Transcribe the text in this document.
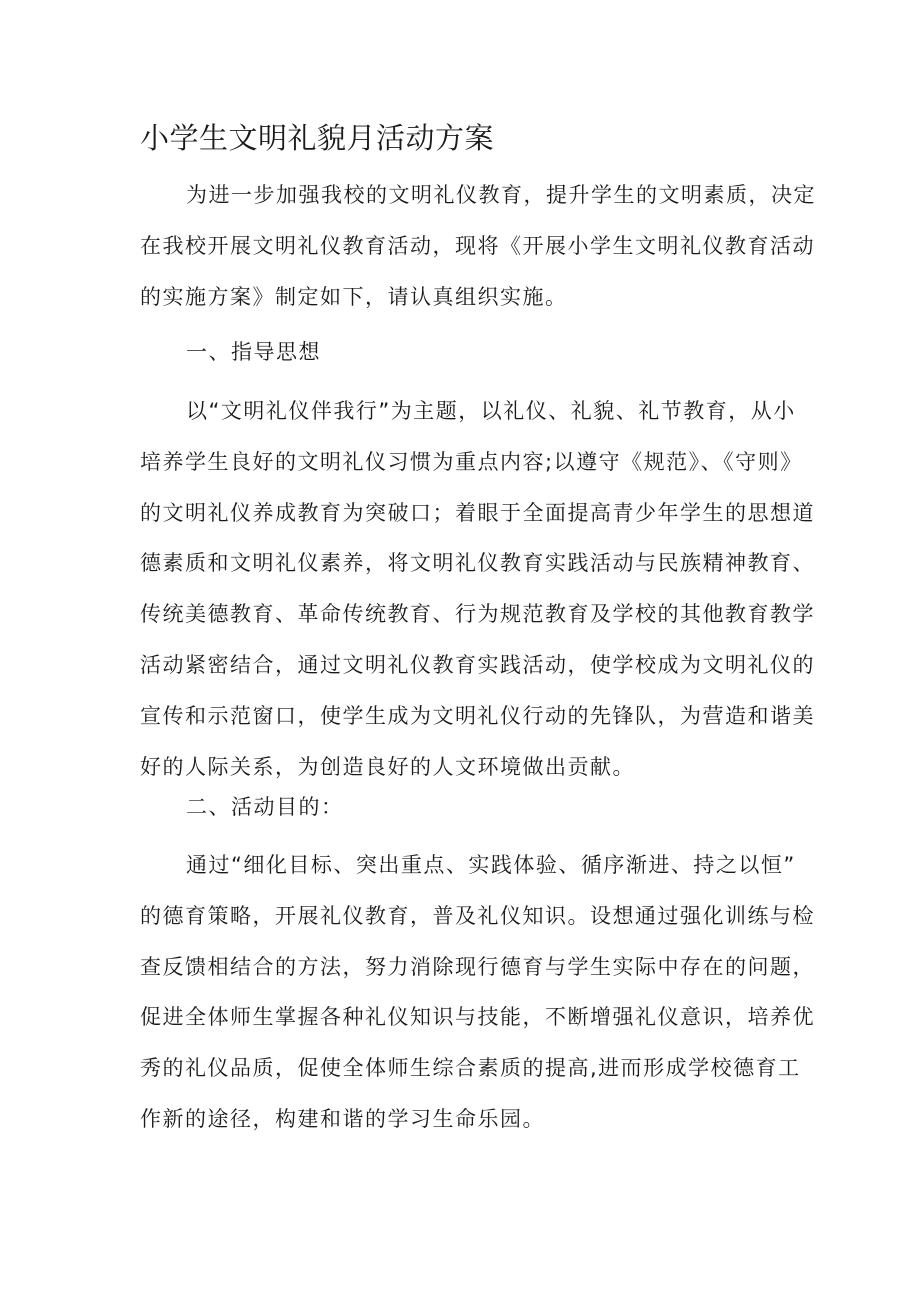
小学生文明礼貌月活动方案
为进一步加强我校的文明礼仪教育，提升学生的文明素质，决定
在我校开展文明礼仪教育活动，现将《开展小学生文明礼仪教育活动
的实施方案》制定如下，请认真组织实施。
一、指导思想
以“文明礼仪伴我行”为主题，以礼仪、礼貌、礼节教育，从小
培养学生良好的文明礼仪习惯为重点内容;以遵守《规范》、《守则》
的文明礼仪养成教育为突破口；着眼于全面提高青少年学生的思想道
德素质和文明礼仪素养，将文明礼仪教育实践活动与民族精神教育、
传统美德教育、革命传统教育、行为规范教育及学校的其他教育教学
活动紧密结合，通过文明礼仪教育实践活动，使学校成为文明礼仪的
宣传和示范窗口，使学生成为文明礼仪行动的先锋队，为营造和谐美
好的人际关系，为创造良好的人文环境做出贡献。
二、活动目的：
通过“细化目标、突出重点、实践体验、循序渐进、持之以恒”
的德育策略，开展礼仪教育，普及礼仪知识。设想通过强化训练与检
查反馈相结合的方法，努力消除现行德育与学生实际中存在的问题，
促进全体师生掌握各种礼仪知识与技能，不断增强礼仪意识，培养优
秀的礼仪品质，促使全体师生综合素质的提高,进而形成学校德育工
作新的途径，构建和谐的学习生命乐园。
